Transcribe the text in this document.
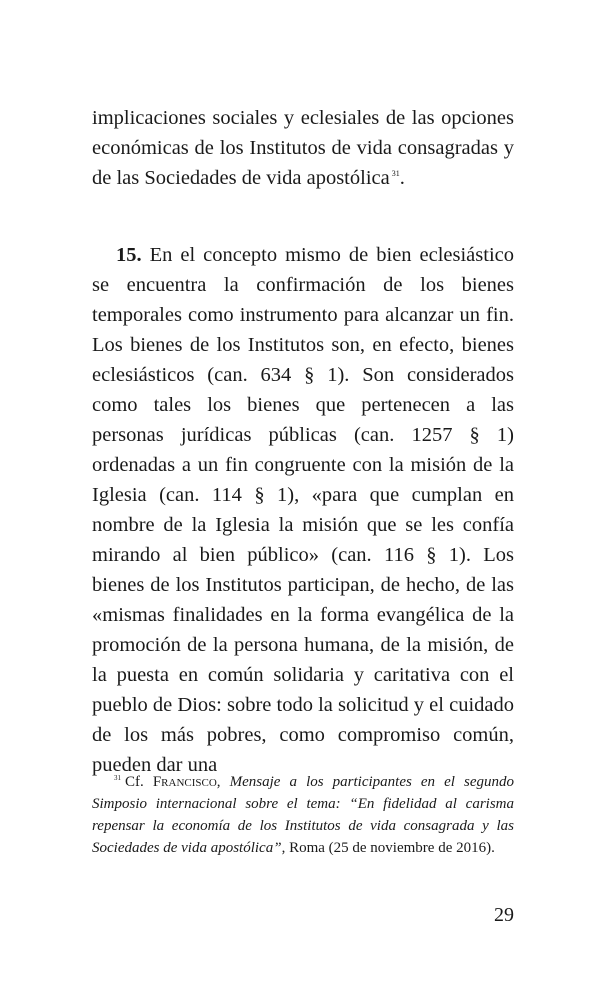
implicaciones sociales y eclesiales de las opciones económicas de los Institutos de vida consagradas y de las Sociedades de vida apostólica $^{31}$.

15. En el concepto mismo de bien eclesiástico se encuentra la confirmación de los bienes temporales como instrumento para alcanzar un fin. Los bienes de los Institutos son, en efecto, bienes eclesiásticos (can. 634 § 1). Son considerados como tales los bienes que pertenecen a las personas jurídicas públicas (can. 1257 § 1) ordenadas a un fin congruente con la misión de la Iglesia (can. 114 § 1), «para que cumplan en nombre de la Iglesia la misión que se les confía mirando al bien público» (can. 116 § 1). Los bienes de los Institutos participan, de hecho, de las «mismas finalidades en la forma evangélica de la promoción de la persona humana, de la misión, de la puesta en común solidaria y caritativa con el pueblo de Dios: sobre todo la solicitud y el cuidado de los más pobres, como compromiso común, pueden dar una

$^{31}$ Cf. Francisco, Mensaje a los participantes en el segundo Simposio internacional sobre el tema: “En fidelidad al carisma repensar la economía de los Institutos de vida consagrada y las Sociedades de vida apostólica”, Roma (25 de noviembre de 2016).

29
